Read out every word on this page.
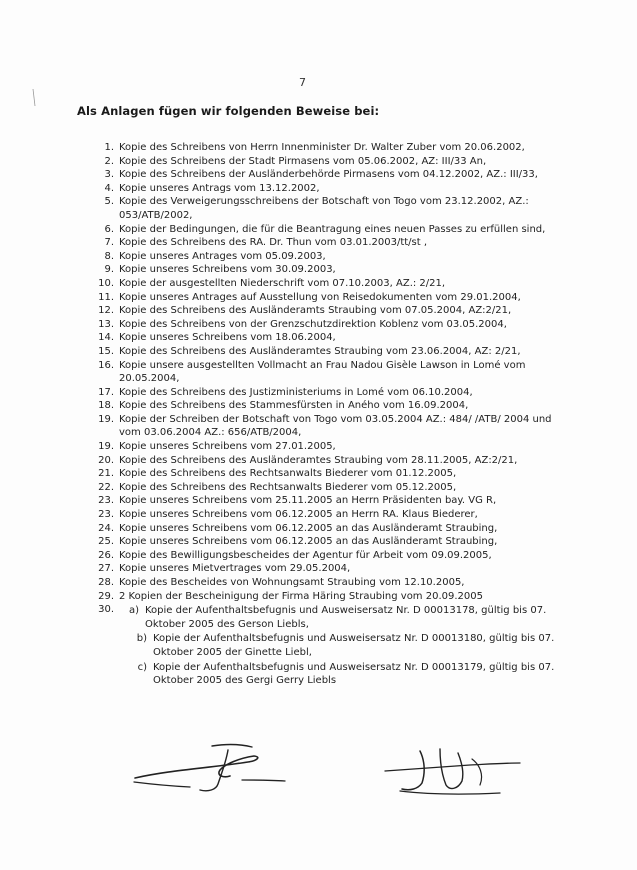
7
Als Anlagen fügen wir folgenden Beweise bei:
1. Kopie des Schreibens von Herrn Innenminister Dr. Walter Zuber vom 20.06.2002,
2. Kopie des Schreibens der Stadt Pirmasens vom 05.06.2002, AZ: III/33 An,
3. Kopie des Schreibens der Ausländerbehörde Pirmasens vom 04.12.2002, AZ.: III/33,
4. Kopie unseres Antrags vom 13.12.2002,
5. Kopie des Verweigerungsschreibens der Botschaft von Togo vom 23.12.2002, AZ.: 053/ATB/2002,
6. Kopie der Bedingungen, die für die Beantragung eines neuen Passes zu erfüllen sind,
7. Kopie des Schreibens des RA. Dr. Thun vom 03.01.2003/tt/st ,
8. Kopie unseres Antrages vom 05.09.2003,
9. Kopie unseres Schreibens vom 30.09.2003,
10. Kopie der ausgestellten Niederschrift vom 07.10.2003, AZ.: 2/21,
11. Kopie unseres Antrages auf Ausstellung von Reisedokumenten vom 29.01.2004,
12. Kopie des Schreibens des Ausländeramts Straubing vom 07.05.2004, AZ:2/21,
13. Kopie des Schreibens von der Grenzschutzdirektion Koblenz vom 03.05.2004,
14. Kopie unseres Schreibens vom 18.06.2004,
15. Kopie des Schreibens des Ausländeramtes Straubing vom 23.06.2004, AZ: 2/21,
16. Kopie unsere ausgestellten Vollmacht an Frau Nadou Gisèle Lawson in Lomé vom 20.05.2004,
17. Kopie des Schreibens des Justizministeriums in Lomé vom 06.10.2004,
18. Kopie des Schreibens des Stammesfürsten in Aného vom 16.09.2004,
19. Kopie der Schreiben der Botschaft von Togo vom 03.05.2004 AZ.: 484/ /ATB/ 2004 und vom 03.06.2004 AZ.: 656/ATB/2004,
19. Kopie unseres Schreibens vom 27.01.2005,
20. Kopie des Schreibens des Ausländeramtes Straubing vom 28.11.2005, AZ:2/21,
21. Kopie des Schreibens des Rechtsanwalts Biederer vom 01.12.2005,
22. Kopie des Schreibens des Rechtsanwalts Biederer vom 05.12.2005,
23. Kopie unseres Schreibens vom 25.11.2005 an Herrn Präsidenten bay. VG R,
23. Kopie unseres Schreibens vom 06.12.2005 an Herrn RA. Klaus Biederer,
24. Kopie unseres Schreibens vom 06.12.2005 an das Ausländeramt Straubing,
25. Kopie unseres Schreibens vom 06.12.2005 an das Ausländeramt Straubing,
26. Kopie des Bewilligungsbescheides der Agentur für Arbeit vom 09.09.2005,
27. Kopie unseres Mietvertrages vom 29.05.2004,
28. Kopie des Bescheides von Wohnungsamt Straubing vom 12.10.2005,
29. 2 Kopien der Bescheinigung der Firma Häring Straubing vom 20.09.2005
30.	a) Kopie der Aufenthaltsbefugnis und Ausweisersatz Nr. D 00013178, gültig bis 07. Oktober 2005 des Gerson Liebls,
b) Kopie der Aufenthaltsbefugnis und Ausweisersatz Nr. D 00013180, gültig bis 07. Oktober 2005 der Ginette Liebl,
c) Kopie der Aufenthaltsbefugnis und Ausweisersatz Nr. D 00013179, gültig bis 07. Oktober 2005 des Gergi Gerry Liebls
